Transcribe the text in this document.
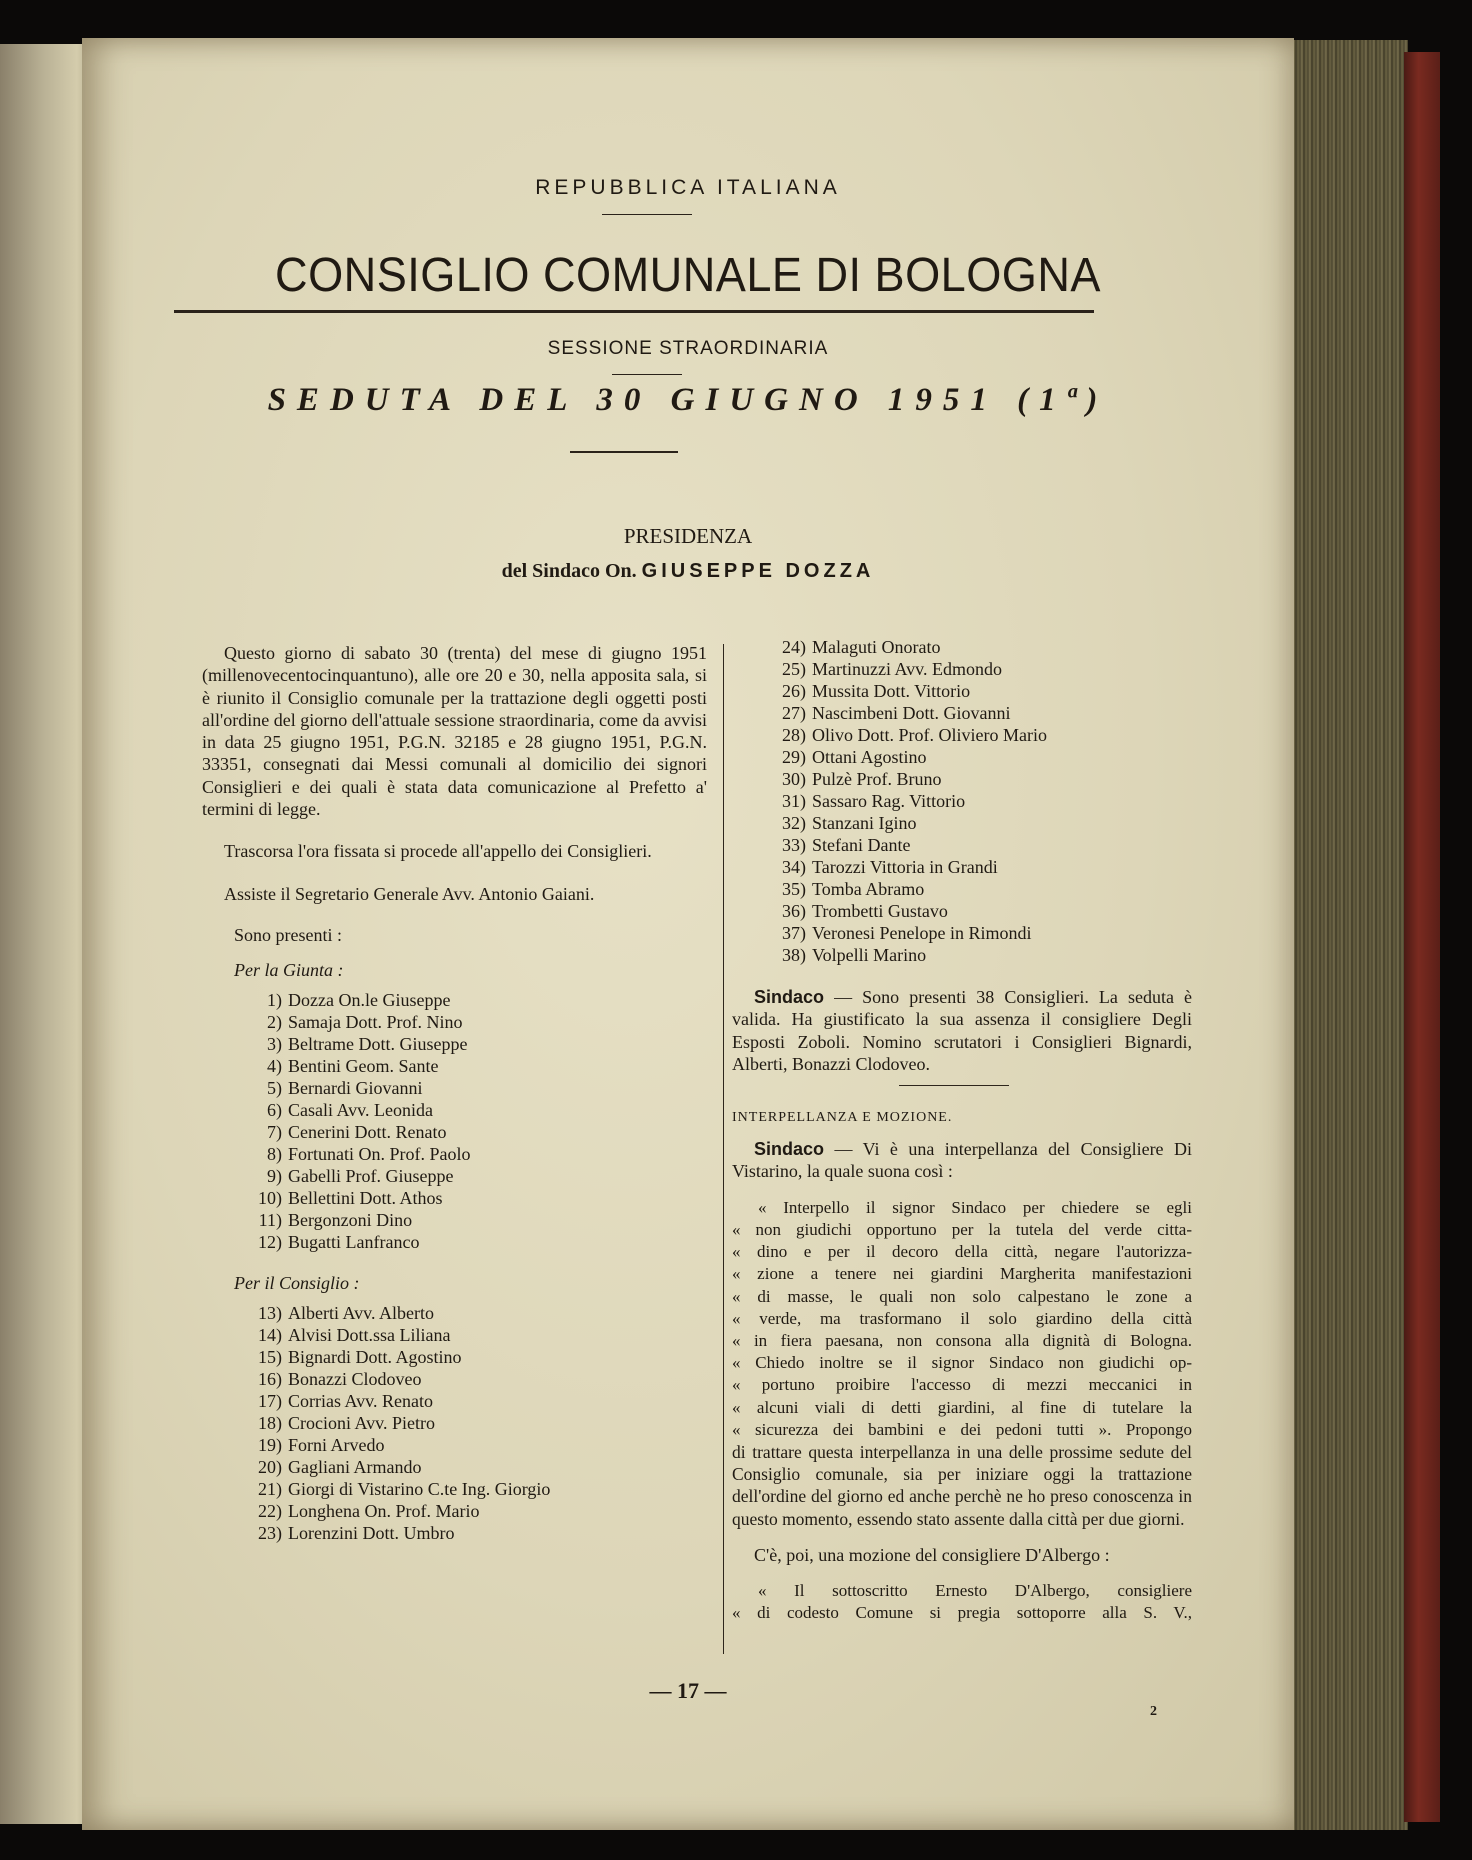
REPUBBLICA ITALIANA
CONSIGLIO COMUNALE DI BOLOGNA
SESSIONE STRAORDINARIA
SEDUTA DEL 30 GIUGNO 1951 (1ª)
PRESIDENZA
del Sindaco On. GIUSEPPE DOZZA

Questo giorno di sabato 30 (trenta) del mese di giugno 1951 (millenovecentocinquantuno), alle ore 20 e 30, nella apposita sala, si è riunito il Consiglio comunale per la trattazione degli oggetti posti all'ordine del giorno dell'attuale sessione straordinaria, come da avvisi in data 25 giugno 1951, P.G.N. 32185 e 28 giugno 1951, P.G.N. 33351, consegnati dai Messi comunali al domicilio dei signori Consiglieri e dei quali è stata data comunicazione al Prefetto a' termini di legge.

Trascorsa l'ora fissata si procede all'appello dei Consiglieri.

Assiste il Segretario Generale Avv. Antonio Gaiani.

Sono presenti :

Per la Giunta :

1) Dozza On.le Giuseppe
2) Samaja Dott. Prof. Nino
3) Beltrame Dott. Giuseppe
4) Bentini Geom. Sante
5) Bernardi Giovanni
6) Casali Avv. Leonida
7) Cenerini Dott. Renato
8) Fortunati On. Prof. Paolo
9) Gabelli Prof. Giuseppe
10) Bellettini Dott. Athos
11) Bergonzoni Dino
12) Bugatti Lanfranco

Per il Consiglio :

13) Alberti Avv. Alberto
14) Alvisi Dott.ssa Liliana
15) Bignardi Dott. Agostino
16) Bonazzi Clodoveo
17) Corrias Avv. Renato
18) Crocioni Avv. Pietro
19) Forni Arvedo
20) Gagliani Armando
21) Giorgi di Vistarino C.te Ing. Giorgio
22) Longhena On. Prof. Mario
23) Lorenzini Dott. Umbro
24) Malaguti Onorato
25) Martinuzzi Avv. Edmondo
26) Mussita Dott. Vittorio
27) Nascimbeni Dott. Giovanni
28) Olivo Dott. Prof. Oliviero Mario
29) Ottani Agostino
30) Pulzè Prof. Bruno
31) Sassaro Rag. Vittorio
32) Stanzani Igino
33) Stefani Dante
34) Tarozzi Vittoria in Grandi
35) Tomba Abramo
36) Trombetti Gustavo
37) Veronesi Penelope in Rimondi
38) Volpelli Marino

Sindaco — Sono presenti 38 Consiglieri. La seduta è valida. Ha giustificato la sua assenza il consigliere Degli Esposti Zoboli. Nomino scrutatori i Consiglieri Bignardi, Alberti, Bonazzi Clodoveo.

INTERPELLANZA E MOZIONE.

Sindaco — Vi è una interpellanza del Consigliere Di Vistarino, la quale suona così :

« Interpello il signor Sindaco per chiedere se egli
« non giudichi opportuno per la tutela del verde citta-
« dino e per il decoro della città, negare l'autorizza-
« zione a tenere nei giardini Margherita manifestazioni
« di masse, le quali non solo calpestano le zone a
« verde, ma trasformano il solo giardino della città
« in fiera paesana, non consona alla dignità di Bologna.
« Chiedo inoltre se il signor Sindaco non giudichi op-
« portuno proibire l'accesso di mezzi meccanici in
« alcuni viali di detti giardini, al fine di tutelare la
« sicurezza dei bambini e dei pedoni tutti ». Propongo

di trattare questa interpellanza in una delle prossime sedute del Consiglio comunale, sia per iniziare oggi la trattazione dell'ordine del giorno ed anche perchè ne ho preso conoscenza in questo momento, essendo stato assente dalla città per due giorni.

C'è, poi, una mozione del consigliere D'Albergo :

« Il sottoscritto Ernesto D'Albergo, consigliere
« di codesto Comune si pregia sottoporre alla S. V.,
— 17 —
2
